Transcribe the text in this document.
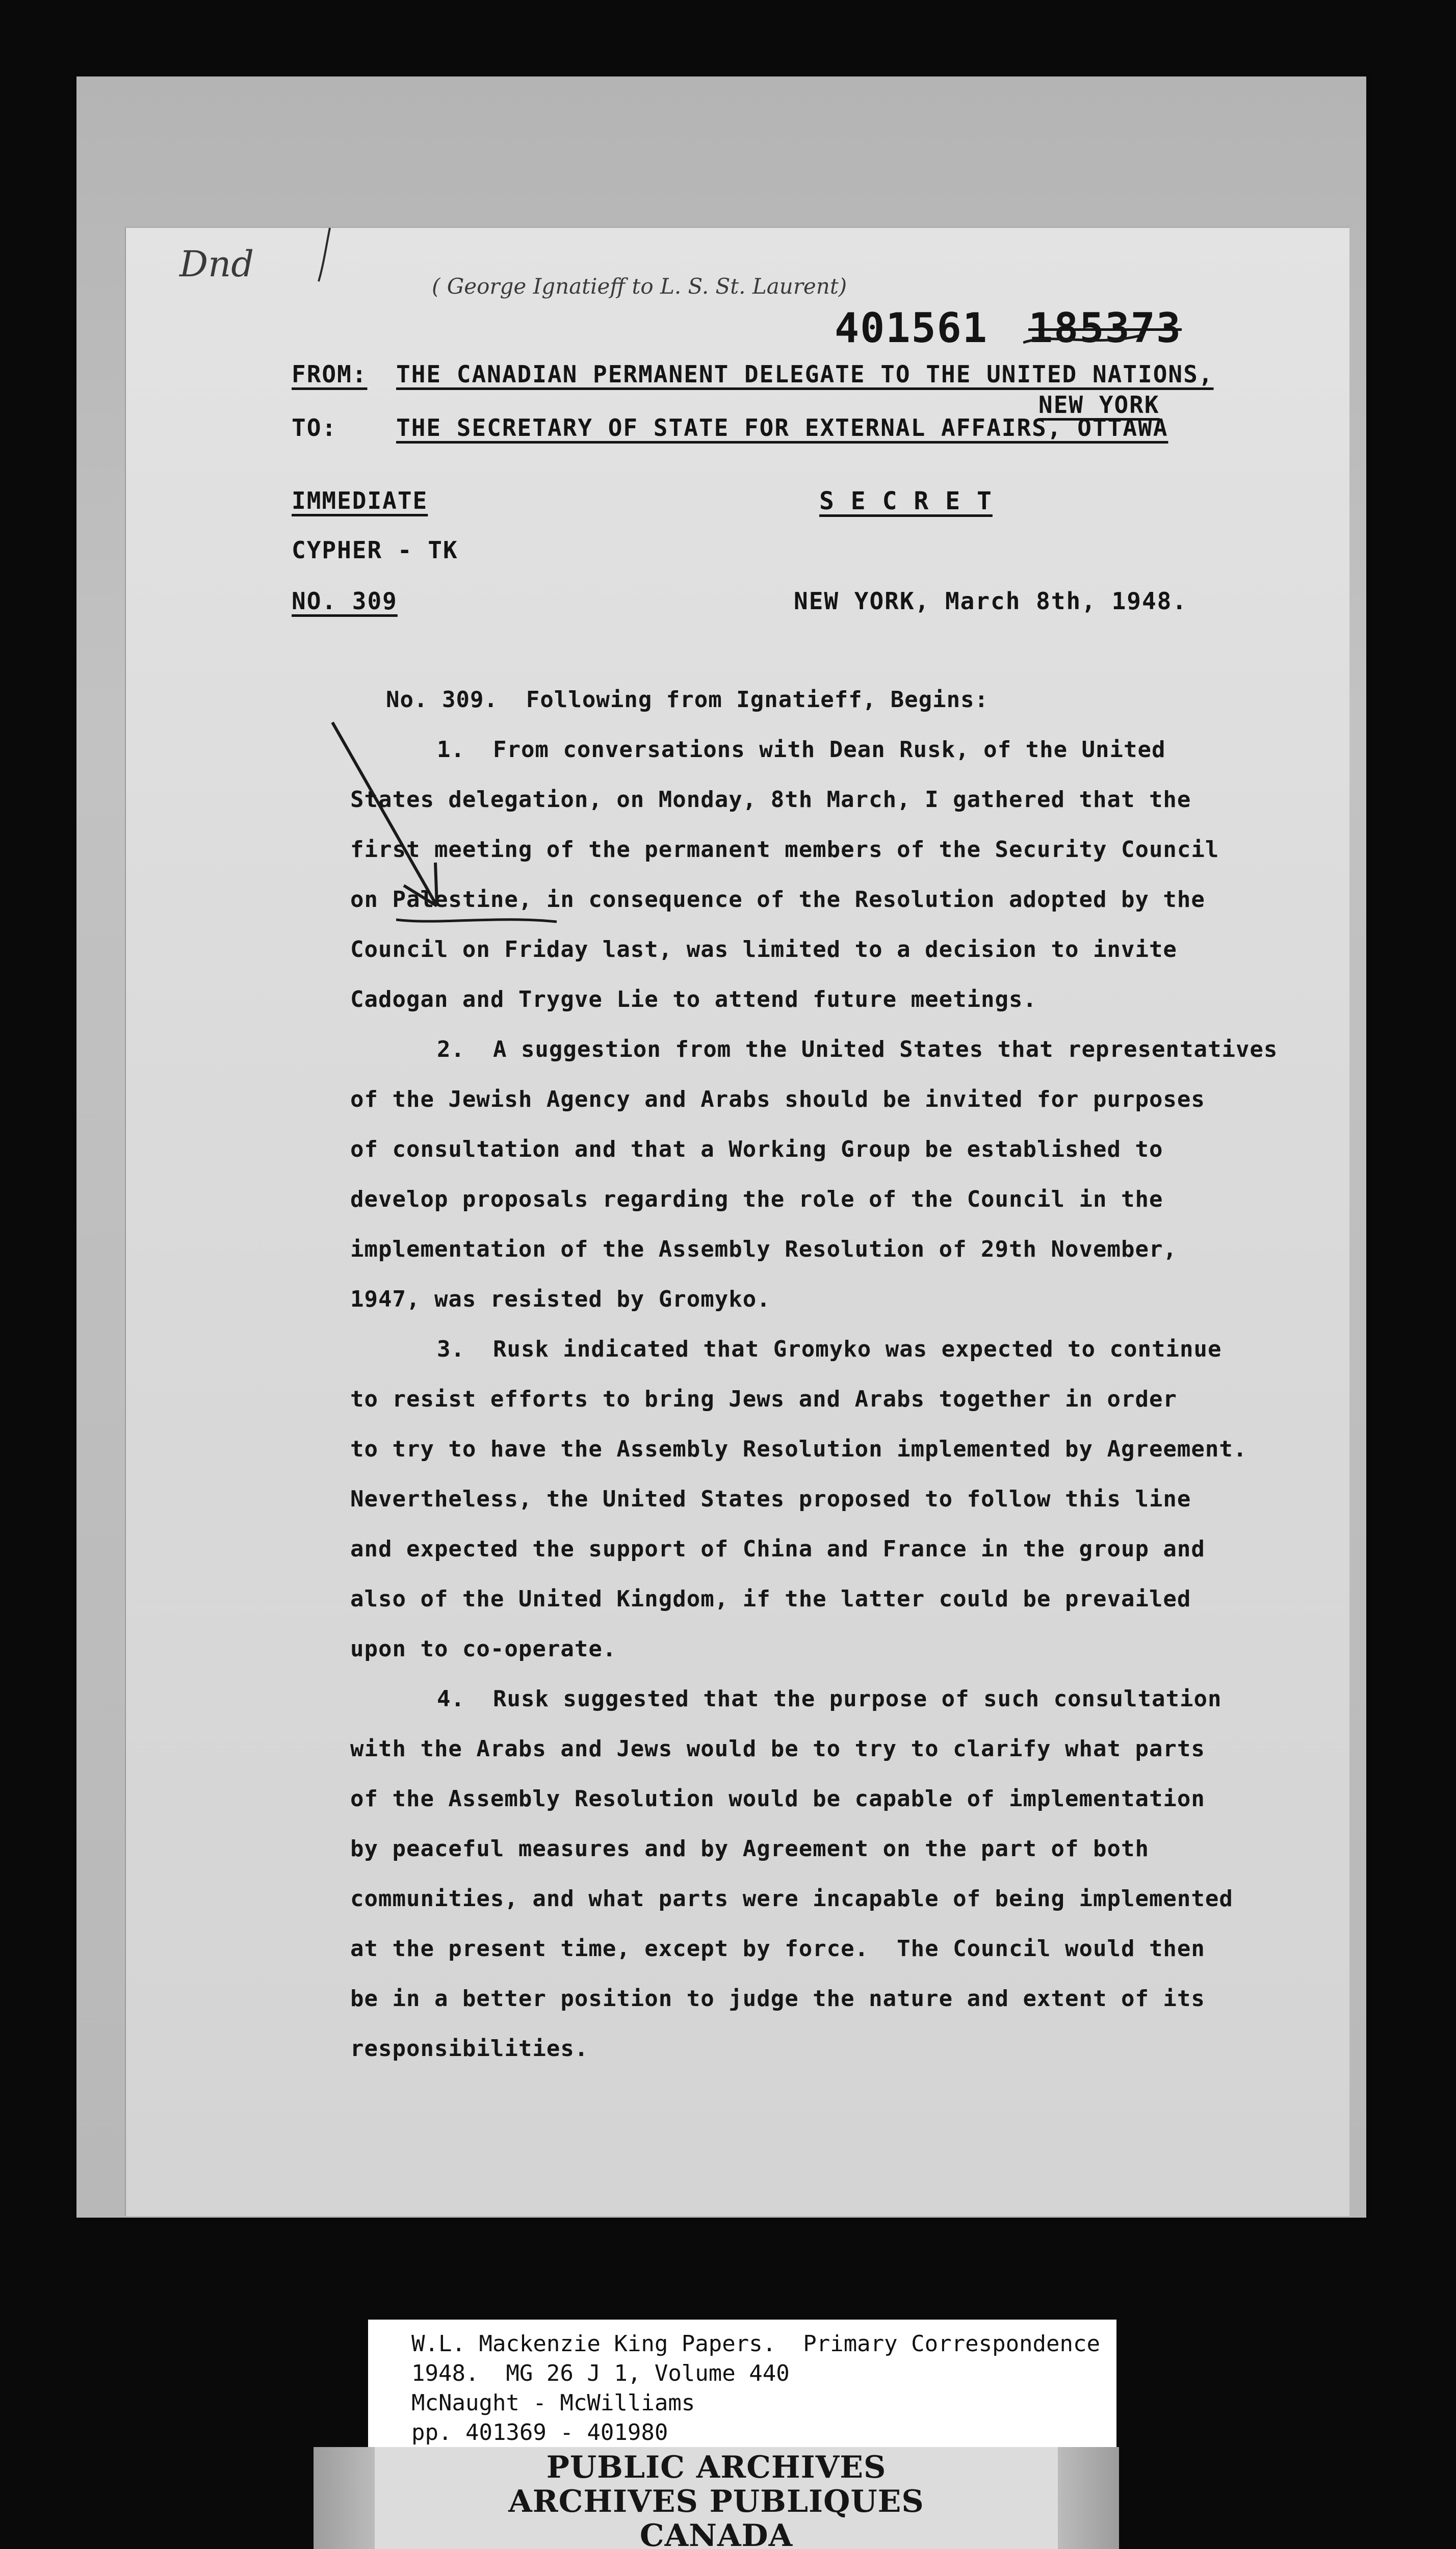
Dnd
( George Ignatieff to L. S. St. Laurent)
401561 185373
FROM: THE CANADIAN PERMANENT DELEGATE TO THE UNITED NATIONS,
NEW YORK
TO:	THE SECRETARY OF STATE FOR EXTERNAL AFFAIRS, OTTAWA
IMMEDIATE	S E C R E T
CYPHER - TK
NO. 309	NEW YORK, March 8th, 1948.
No. 309.  Following from Ignatieff, Begins:
1.  From conversations with Dean Rusk, of the United
States delegation, on Monday, 8th March, I gathered that the
first meeting of the permanent members of the Security Council
on Palestine, in consequence of the Resolution adopted by the
Council on Friday last, was limited to a decision to invite
Cadogan and Trygve Lie to attend future meetings.
2.  A suggestion from the United States that representatives
of the Jewish Agency and Arabs should be invited for purposes
of consultation and that a Working Group be established to
develop proposals regarding the role of the Council in the
implementation of the Assembly Resolution of 29th November,
1947, was resisted by Gromyko.
3.  Rusk indicated that Gromyko was expected to continue
to resist efforts to bring Jews and Arabs together in order
to try to have the Assembly Resolution implemented by Agreement.
Nevertheless, the United States proposed to follow this line
and expected the support of China and France in the group and
also of the United Kingdom, if the latter could be prevailed
upon to co-operate.
4.  Rusk suggested that the purpose of such consultation
with the Arabs and Jews would be to try to clarify what parts
of the Assembly Resolution would be capable of implementation
by peaceful measures and by Agreement on the part of both
communities, and what parts were incapable of being implemented
at the present time, except by force.  The Council would then
be in a better position to judge the nature and extent of its
responsibilities.
W.L. Mackenzie King Papers.  Primary Correspondence
1948.  MG 26 J 1, Volume 440
McNaught - McWilliams
pp. 401369 - 401980
PUBLIC ARCHIVES
ARCHIVES PUBLIQUES
CANADA
